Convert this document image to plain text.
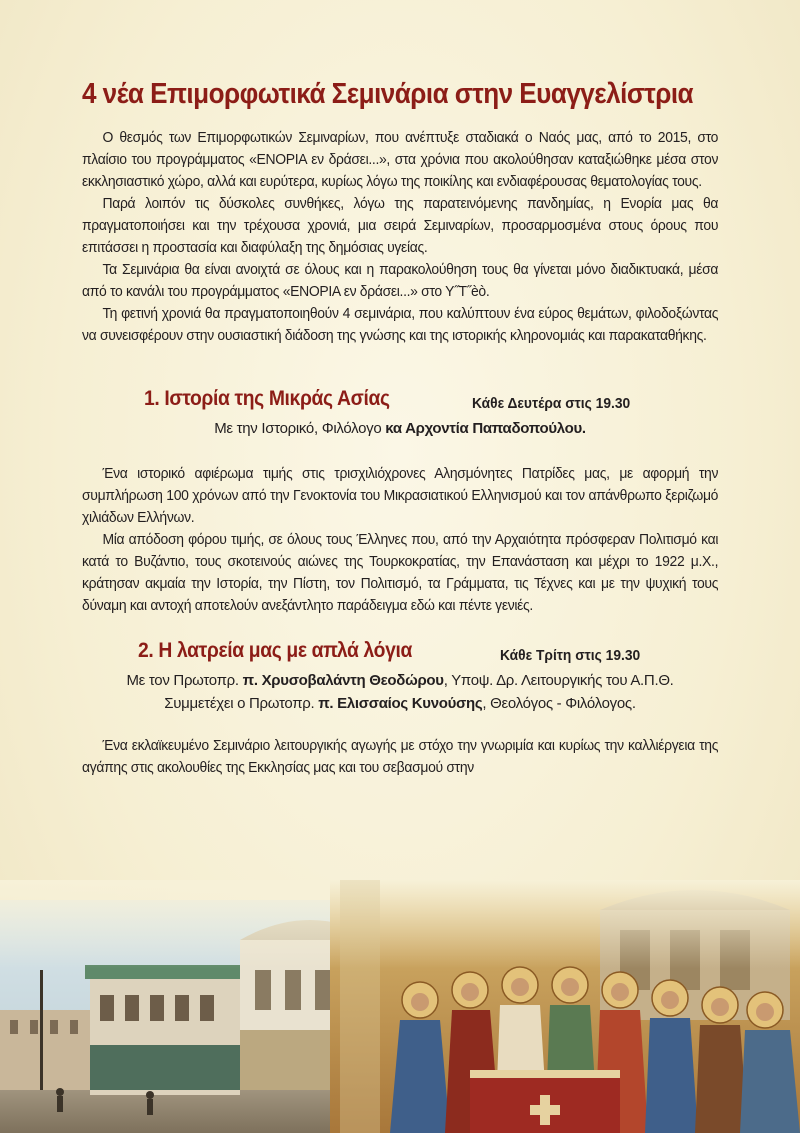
4 νέα Επιμορφωτικά Σεμινάρια στην Ευαγγελίστρια

Ο θεσμός των Επιμορφωτικών Σεμιναρίων, που ανέπτυξε σταδιακά ο Ναός μας, από το 2015, στο πλαίσιο του προγράμματος «ΕΝΟΡΙΑ εν δράσει...», στα χρόνια που ακολούθησαν καταξιώθηκε μέσα στον εκκλησιαστικό χώρο, αλλά και ευρύτερα, κυρίως λόγω της ποικίλης και ενδιαφέρουσας θεματολογίας τους.

Παρά λοιπόν τις δύσκολες συνθήκες, λόγω της παρατεινόμενης πανδημίας, η Ενορία μας θα πραγματοποιήσει και την τρέχουσα χρονιά, μια σειρά Σεμιναρίων, προσαρμοσμένα στους όρους που επιτάσσει η προστασία και διαφύλαξη της δημόσιας υγείας.

Τα Σεμινάρια θα είναι ανοιχτά σε όλους και η παρακολούθηση τους θα γίνεται μόνο διαδικτυακά, μέσα από το κανάλι του προγράμματος «ΕΝΟΡΙΑ εν δράσει...» στο Υ˝Τ˝èò.

Τη φετινή χρονιά θα πραγματοποιηθούν 4 σεμινάρια, που καλύπτουν ένα εύρος θεμάτων, φιλοδοξώντας να συνεισφέρουν στην ουσιαστική διάδοση της γνώσης και της ιστορικής κληρονομιάς και παρακαταθήκης.

1. Ιστορία της Μικράς Ασίας	Κάθε Δευτέρα στις 19.30

Με την Ιστορικό, Φιλόλογο κα Αρχοντία Παπαδοπούλου.

Ένα ιστορικό αφιέρωμα τιμής στις τρισχιλιόχρονες Αλησμόνητες Πατρίδες μας, με αφορμή την συμπλήρωση 100 χρόνων από την Γενοκτονία του Μικρασιατικού Ελληνισμού και τον απάνθρωπο ξεριζωμό χιλιάδων Ελλήνων.

Μία απόδοση φόρου τιμής, σε όλους τους Έλληνες που, από την Αρχαιότητα πρόσφεραν Πολιτισμό και κατά το Βυζάντιο, τους σκοτεινούς αιώνες της Τουρκοκρατίας, την Επανάσταση και μέχρι το 1922 μ.Χ., κράτησαν ακμαία την Ιστορία, την Πίστη, τον Πολιτισμό, τα Γράμματα, τις Τέχνες και με την ψυχική τους δύναμη και αντοχή αποτελούν ανεξάντλητο παράδειγμα εδώ και πέντε γενιές.

2. Η λατρεία μας με απλά λόγια	Κάθε Τρίτη στις 19.30

Με τον Πρωτοπρ. π. Χρυσοβαλάντη Θεοδώρου, Υποψ. Δρ. Λειτουργικής του Α.Π.Θ.

Συμμετέχει ο Πρωτοπρ. π. Ελισσαίος Κυνούσης, Θεολόγος - Φιλόλογος.

Ένα εκλαϊκευμένο Σεμινάριο λειτουργικής αγωγής με στόχο την γνωριμία και κυρίως την καλλιέργεια της αγάπης στις ακολουθίες της Εκκλησίας μας και του σεβασμού στην
